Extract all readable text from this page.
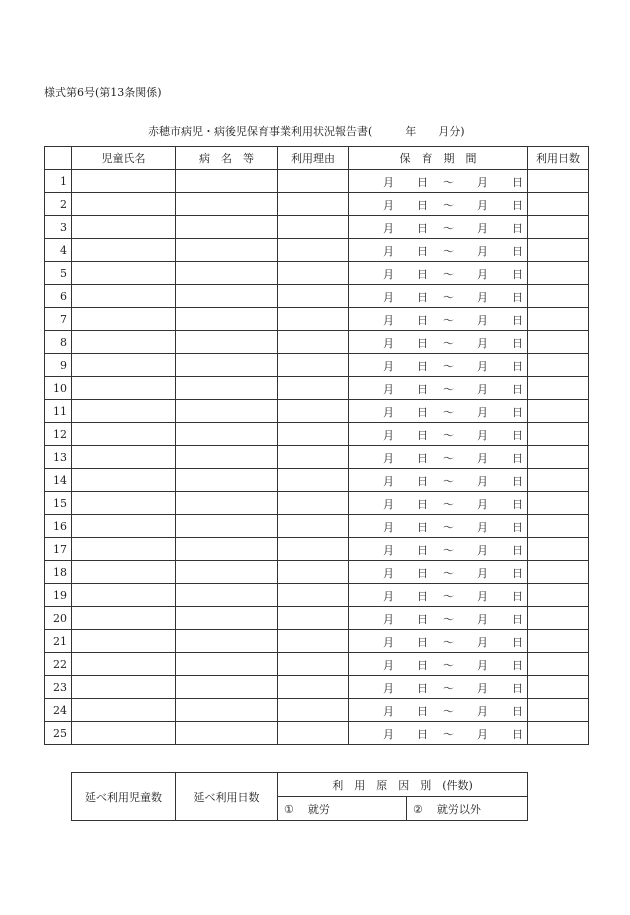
様式第6号(第13条関係)
赤穂市病児・病後児保育事業利用状況報告書(　　　年　　月分)
	児童氏名	病　名　等	利用理由	保　育　期　間	利用日数
1				月 日 〜 月 日	

2				月 日 〜 月 日	

3				月 日 〜 月 日	

4				月 日 〜 月 日	

5				月 日 〜 月 日	

6				月 日 〜 月 日	

7				月 日 〜 月 日	

8				月 日 〜 月 日	

9				月 日 〜 月 日	

10				月 日 〜 月 日	

11				月 日 〜 月 日	

12				月 日 〜 月 日	

13				月 日 〜 月 日	

14				月 日 〜 月 日	

15				月 日 〜 月 日	

16				月 日 〜 月 日	

17				月 日 〜 月 日	

18				月 日 〜 月 日	

19				月 日 〜 月 日	

20				月 日 〜 月 日	

21				月 日 〜 月 日	

22				月 日 〜 月 日	

23				月 日 〜 月 日	

24				月 日 〜 月 日	

25				月 日 〜 月 日	

延べ利用児童数	延べ利用日数	利　用　原　因　別　(件数)	
		① 就労	② 就労以外
